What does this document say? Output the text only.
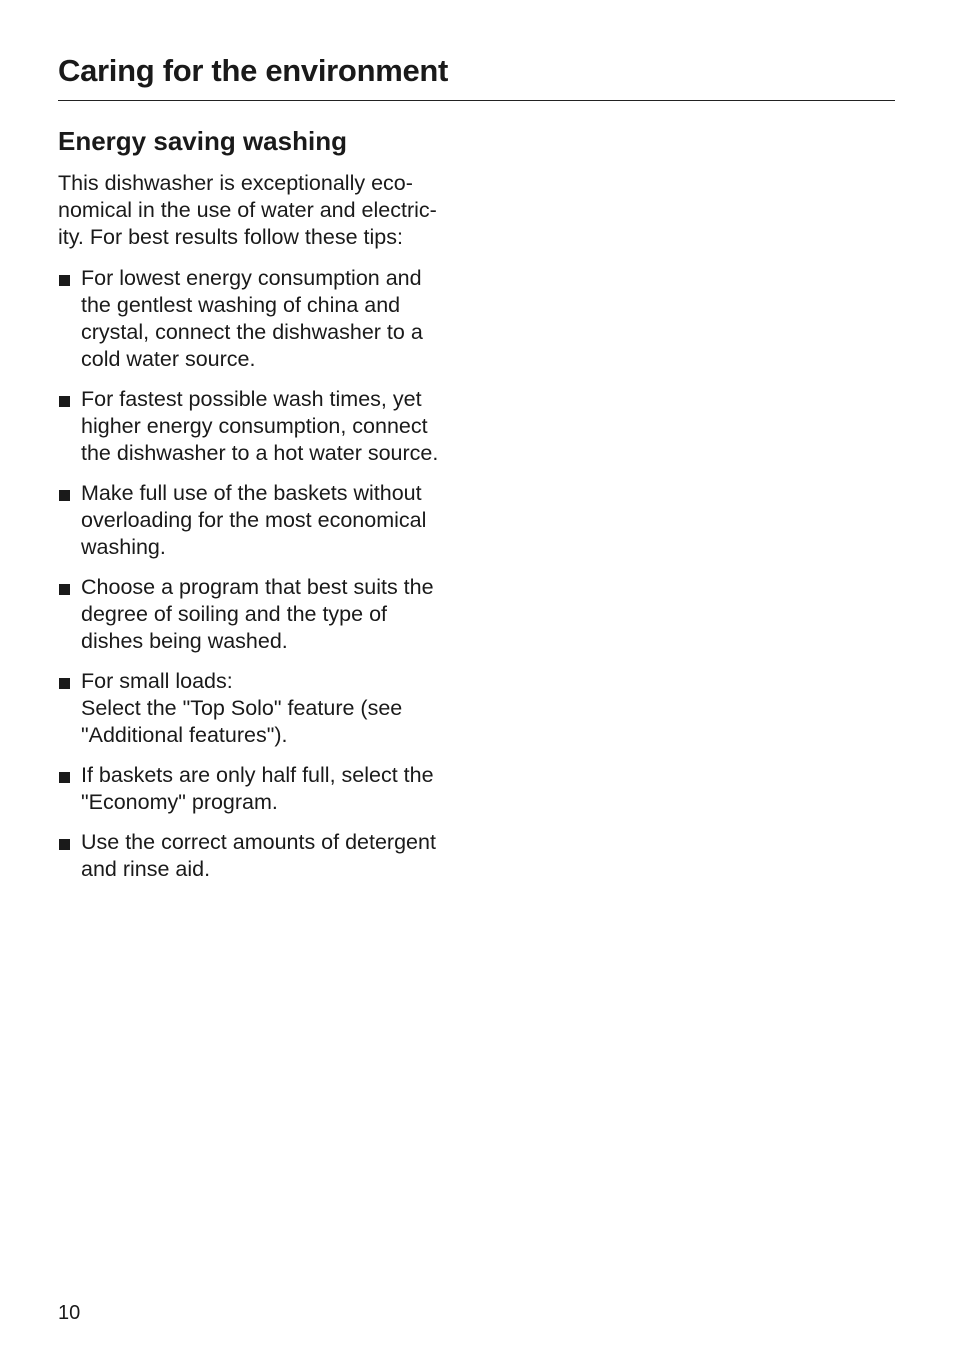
Caring for the environment
Energy saving washing

This dishwasher is exceptionally eco-
nomical in the use of water and electric-
ity. For best results follow these tips:

For lowest energy consumption and
the gentlest washing of china and
crystal, connect the dishwasher to a
cold water source.
For fastest possible wash times, yet
higher energy consumption, connect
the dishwasher to a hot water source.
Make full use of the baskets without
overloading for the most economical
washing.
Choose a program that best suits the
degree of soiling and the type of
dishes being washed.
For small loads:
Select the "Top Solo" feature (see
"Additional features").
If baskets are only half full, select the
"Economy" program.
Use the correct amounts of detergent
and rinse aid.
10
